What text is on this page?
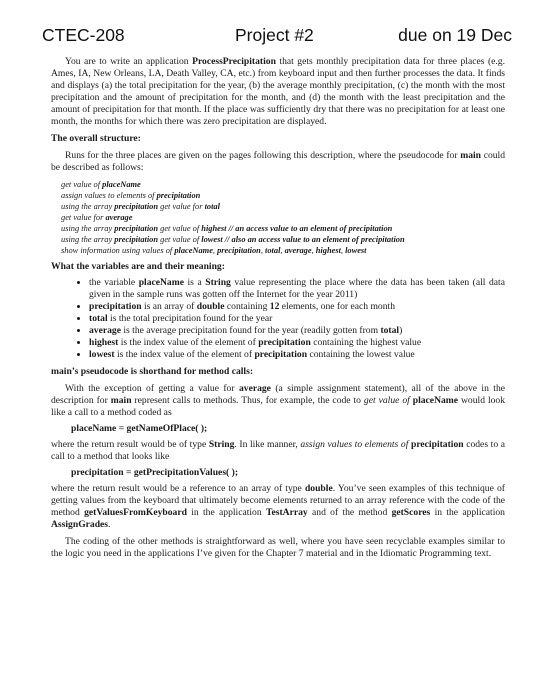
CTEC-208	Project #2	due on 19 Dec

You are to write an application ProcessPrecipitation that gets monthly precipitation data for three places (e.g. Ames, IA, New Orleans, LA, Death Valley, CA, etc.) from keyboard input and then further processes the data. It finds and displays (a) the total precipitation for the year, (b) the average monthly precipitation, (c) the month with the most precipitation and the amount of precipitation for the month, and (d) the month with the least precipitation and the amount of precipitation for that month. If the place was sufficiently dry that there was no precipitation for at least one month, the months for which there was zero precipitation are displayed.

The overall structure:

Runs for the three places are given on the pages following this description, where the pseudocode for main could be described as follows:

get value of placeName
assign values to elements of precipitation
using the array precipitation get value for total
get value for average
using the array precipitation get value of highest // an access value to an element of precipitation
using the array precipitation get value of lowest // also an access value to an element of precipitation
show information using values of placeName, precipitation, total, average, highest, lowest

What the variables are and their meaning:

• the variable placeName is a String value representing the place where the data has been taken (all data given in the sample runs was gotten off the Internet for the year 2011)
• precipitation is an array of double containing 12 elements, one for each month
• total is the total precipitation found for the year
• average is the average precipitation found for the year (readily gotten from total)
• highest is the index value of the element of precipitation containing the highest value
• lowest is the index value of the element of precipitation containing the lowest value

main’s pseudocode is shorthand for method calls:

With the exception of getting a value for average (a simple assignment statement), all of the above in the description for main represent calls to methods. Thus, for example, the code to get value of placeName would look like a call to a method coded as

placeName = getNameOfPlace( );

where the return result would be of type String. In like manner, assign values to elements of precipitation codes to a call to a method that looks like

precipitation = getPrecipitationValues( );

where the return result would be a reference to an array of type double. You’ve seen examples of this technique of getting values from the keyboard that ultimately become elements returned to an array reference with the code of the method getValuesFromKeyboard in the application TestArray and of the method getScores in the application AssignGrades.

The coding of the other methods is straightforward as well, where you have seen recyclable examples similar to the logic you need in the applications I’ve given for the Chapter 7 material and in the Idiomatic Programming text.
